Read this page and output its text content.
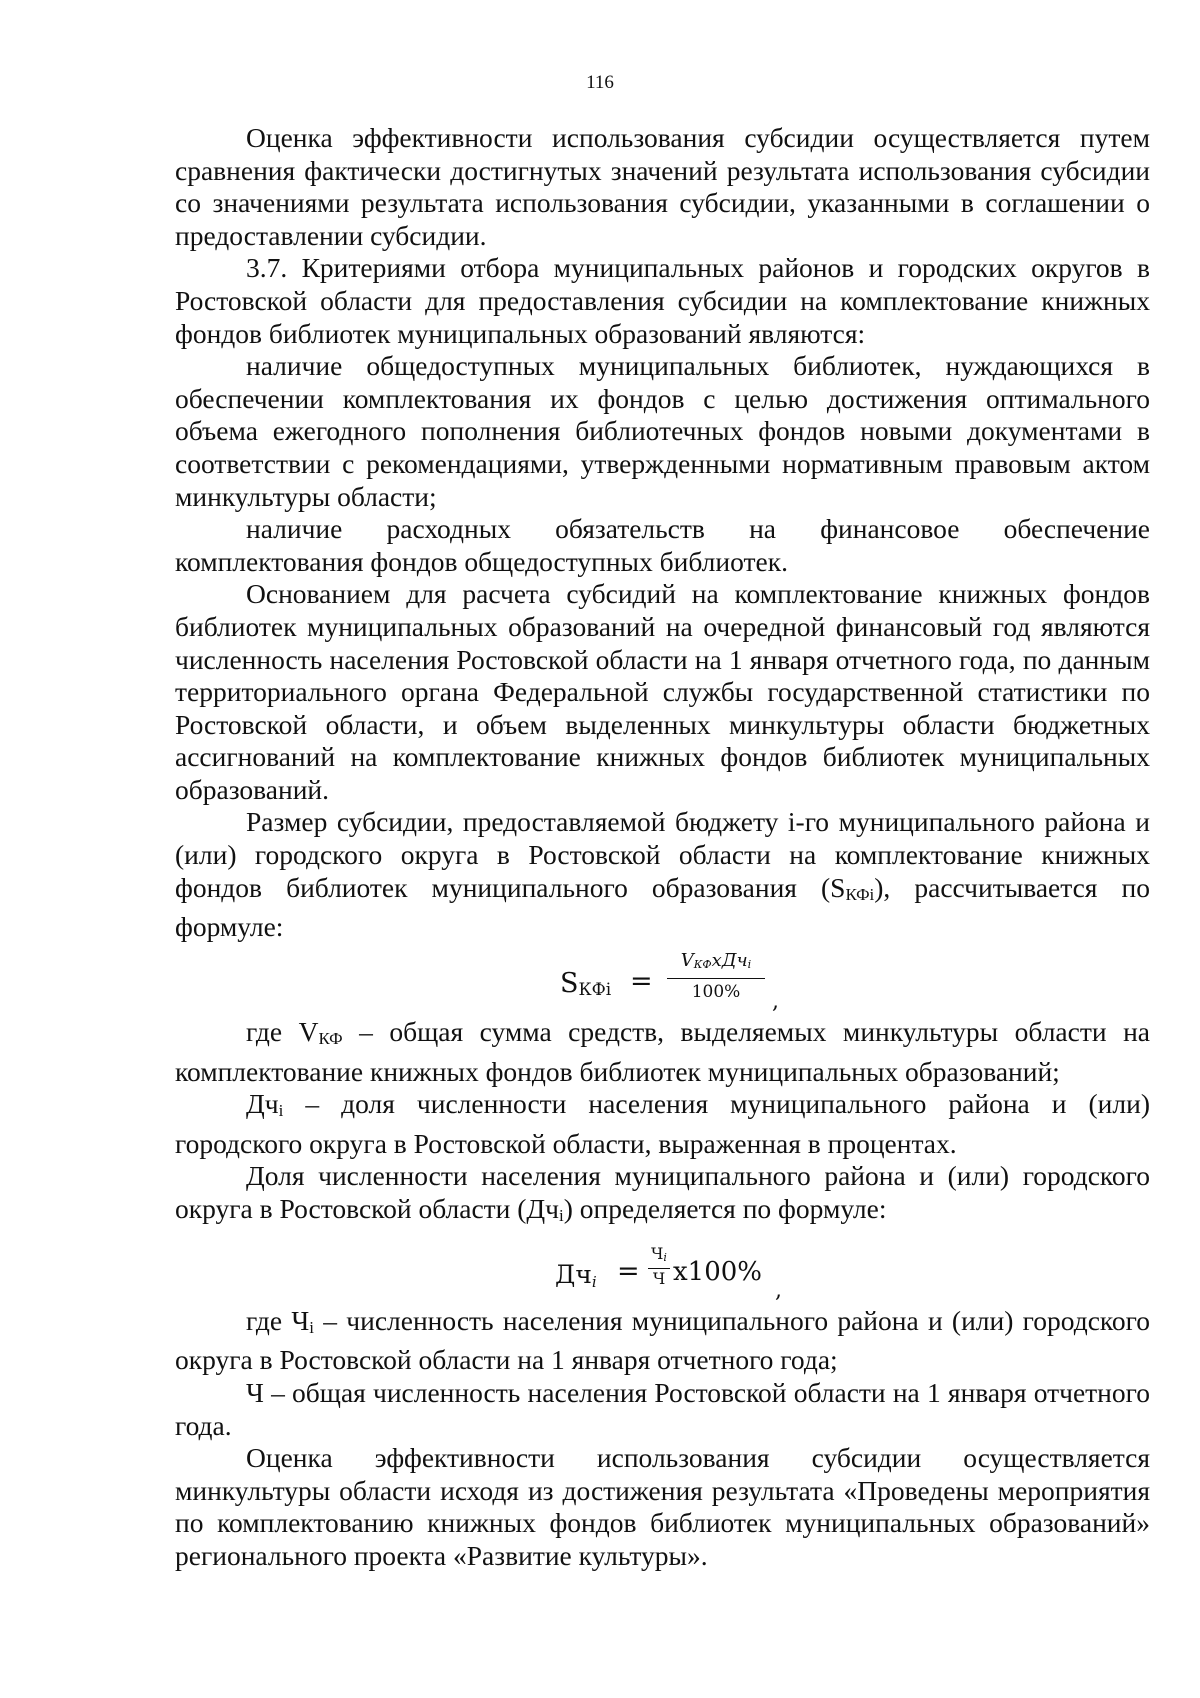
116

Оценка эффективности использования субсидии осуществляется путем сравнения фактически достигнутых значений результата использования субсидии со значениями результата использования субсидии, указанными в соглашении о предоставлении субсидии.

3.7. Критериями отбора муниципальных районов и городских округов в Ростовской области для предоставления субсидии на комплектование книжных фондов библиотек муниципальных образований являются:

наличие общедоступных муниципальных библиотек, нуждающихся в обеспечении комплектования их фондов с целью достижения оптимального объема ежегодного пополнения библиотечных фондов новыми документами в соответствии с рекомендациями, утвержденными нормативным правовым актом минкультуры области;

наличие расходных обязательств на финансовое обеспечение комплектования фондов общедоступных библиотек.

Основанием для расчета субсидий на комплектование книжных фондов библиотек муниципальных образований на очередной финансовый год являются численность населения Ростовской области на 1 января отчетного года, по данным территориального органа Федеральной службы государственной статистики по Ростовской области, и объем выделенных минкультуры области бюджетных ассигнований на комплектование книжных фондов библиотек муниципальных образований.

Размер субсидии, предоставляемой бюджету i-го муниципального района и (или) городского округа в Ростовской области на комплектование книжных фондов библиотек муниципального образования (SКФi), рассчитывается по формуле:

SКФi =
VКФхДчi
100%	,

где VКФ – общая сумма средств, выделяемых минкультуры области на комплектование книжных фондов библиотек муниципальных образований;

Дчi – доля численности населения муниципального района и (или) городского округа в Ростовской области, выраженная в процентах.

Доля численности населения муниципального района и (или) городского округа в Ростовской области (Дчi) определяется по формуле:

$Дч_i$ =
Чi
Ч х100%
,

где Чi – численность населения муниципального района и (или) городского округа в Ростовской области на 1 января отчетного года;

Ч – общая численность населения Ростовской области на 1 января отчетного года.

Оценка эффективности использования субсидии осуществляется минкультуры области исходя из достижения результата «Проведены мероприятия по комплектованию книжных фондов библиотек муниципальных образований» регионального проекта «Развитие культуры».
